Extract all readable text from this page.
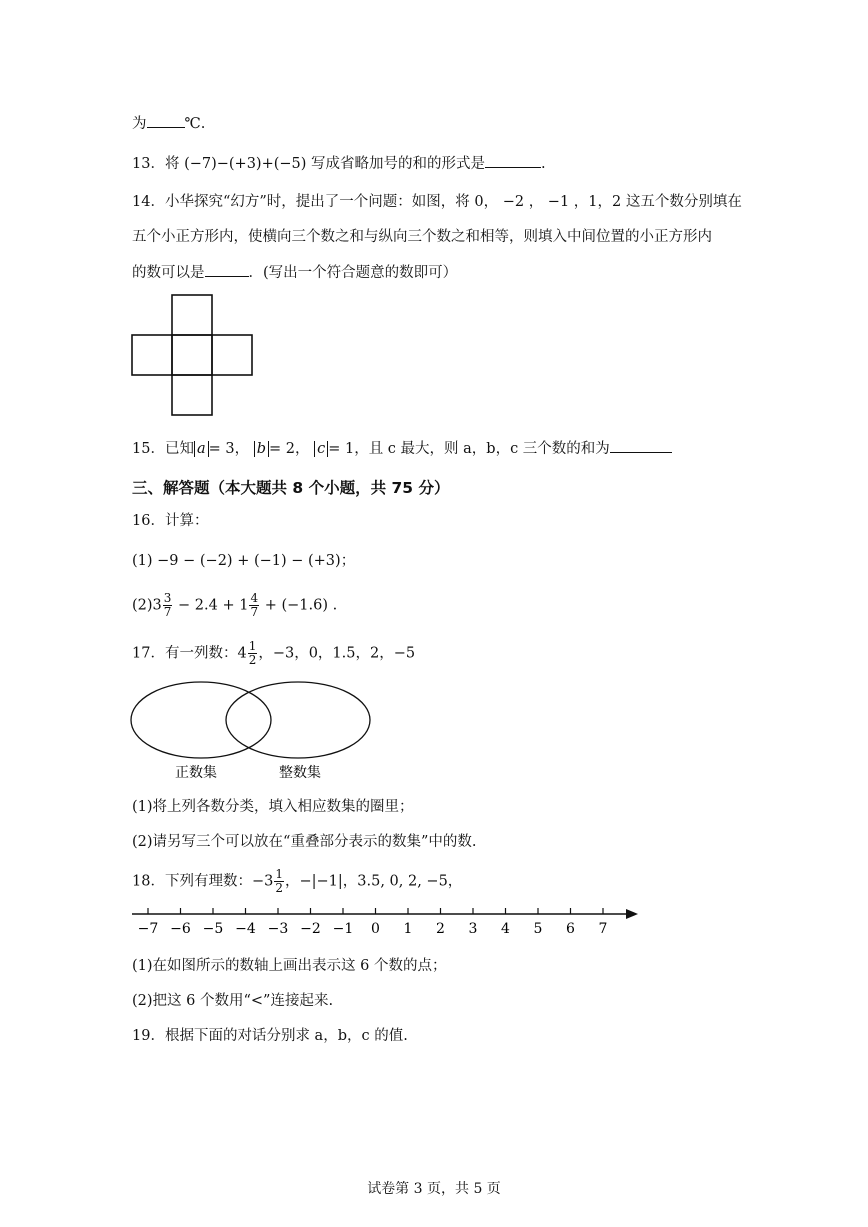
为	℃.
13．将 (−7)−(+3)+(−5) 写成省略加号的和的形式是	.
14．小华探究“幻方”时，提出了一个问题：如图，将 0， −2 ， −1 ，1，2 这五个数分别填在
五个小正方形内，使横向三个数之和与纵向三个数之和相等，则填入中间位置的小正方形内
的数可以是	．(写出一个符合题意的数即可）
15．已知 a = 3， b = 2， c = 1，且 c 最大，则 a，b，c 三个数的和为
三、解答题（本大题共 8 个小题，共 75 分）
16．计算：
(1) −9 − (−2) + (−1) − (+3)；
$(2)3 \frac{3}{7} - 2.4 + 1 \frac{4}{7} + (-1.6)$ .
17．有一列数：$4 \frac{1}{2}$ ，−3，0，1.5，2，−5
正数集	整数集
(1)将上列各数分类，填入相应数集的圈里；
(2)请另写三个可以放在“重叠部分表示的数集”中的数.
18．下列有理数：$-3 \frac{1}{2}$ ，−|−1|，3.5, 0, 2, −5，
−7 −6 −5 −4 −3 −2 −1 0 1 2 3 4 5 6 7
(1)在如图所示的数轴上画出表示这 6 个数的点；
(2)把这 6 个数用“<”连接起来.
19．根据下面的对话分别求 a，b，c 的值.
试卷第 3 页，共 5 页
